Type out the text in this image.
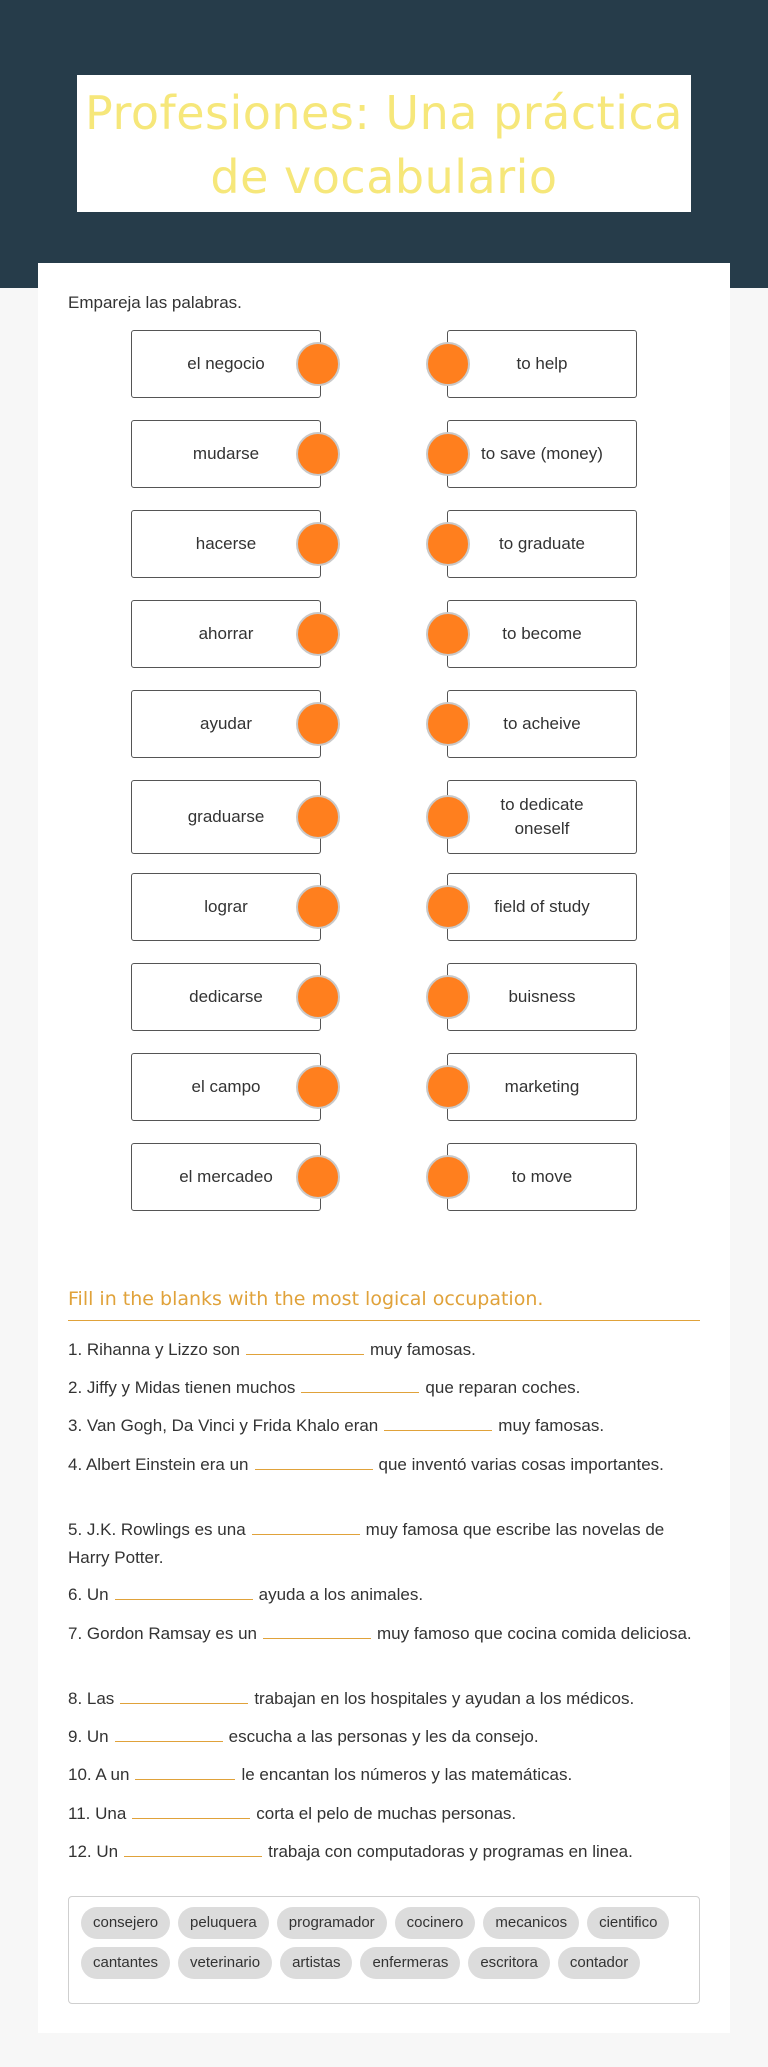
Profesiones: Una práctica de vocabulario
Empareja las palabras.
el negocio
mudarse
hacerse
ahorrar
ayudar
graduarse
lograr
dedicarse
el campo
el mercadeo
to help
to save (money)
to graduate
to become
to acheive
to dedicate oneself
field of study
buisness
marketing
to move
Fill in the blanks with the most logical occupation.
1. Rihanna y Lizzo son	muy famosas.
2. Jiffy y Midas tienen muchos	que reparan coches.
3. Van Gogh, Da Vinci y Frida Khalo eran	muy famosas.
4. Albert Einstein era un	que inventó varias cosas importantes.
5. J.K. Rowlings es una	muy famosa que escribe las novelas de Harry Potter.
6. Un	ayuda a los animales.
7. Gordon Ramsay es un	muy famoso que cocina comida deliciosa.
8. Las	trabajan en los hospitales y ayudan a los médicos.
9. Un	escucha a las personas y les da consejo.
10. A un	le encantan los números y las matemáticas.
11. Una	corta el pelo de muchas personas.
12. Un	trabaja con computadoras y programas en linea.
consejero	peluquera	programador	cocinero	mecanicos	cientifico
cantantes	veterinario	artistas	enfermeras	escritora	contador
